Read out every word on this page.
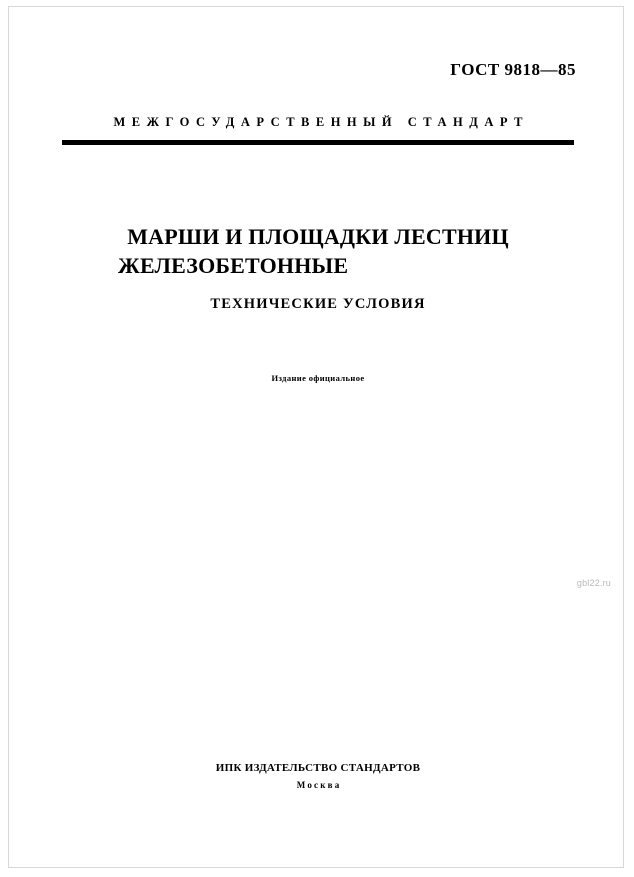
ГОСТ 9818—85
МЕЖГОСУДАРСТВЕННЫЙ СТАНДАРТ
МАРШИ И ПЛОЩАДКИ ЛЕСТНИЦ
ЖЕЛЕЗОБЕТОННЫЕ
ТЕХНИЧЕСКИЕ УСЛОВИЯ
Издание официальное
gbl22.ru
ИПК ИЗДАТЕЛЬСТВО СТАНДАРТОВ
Москва
